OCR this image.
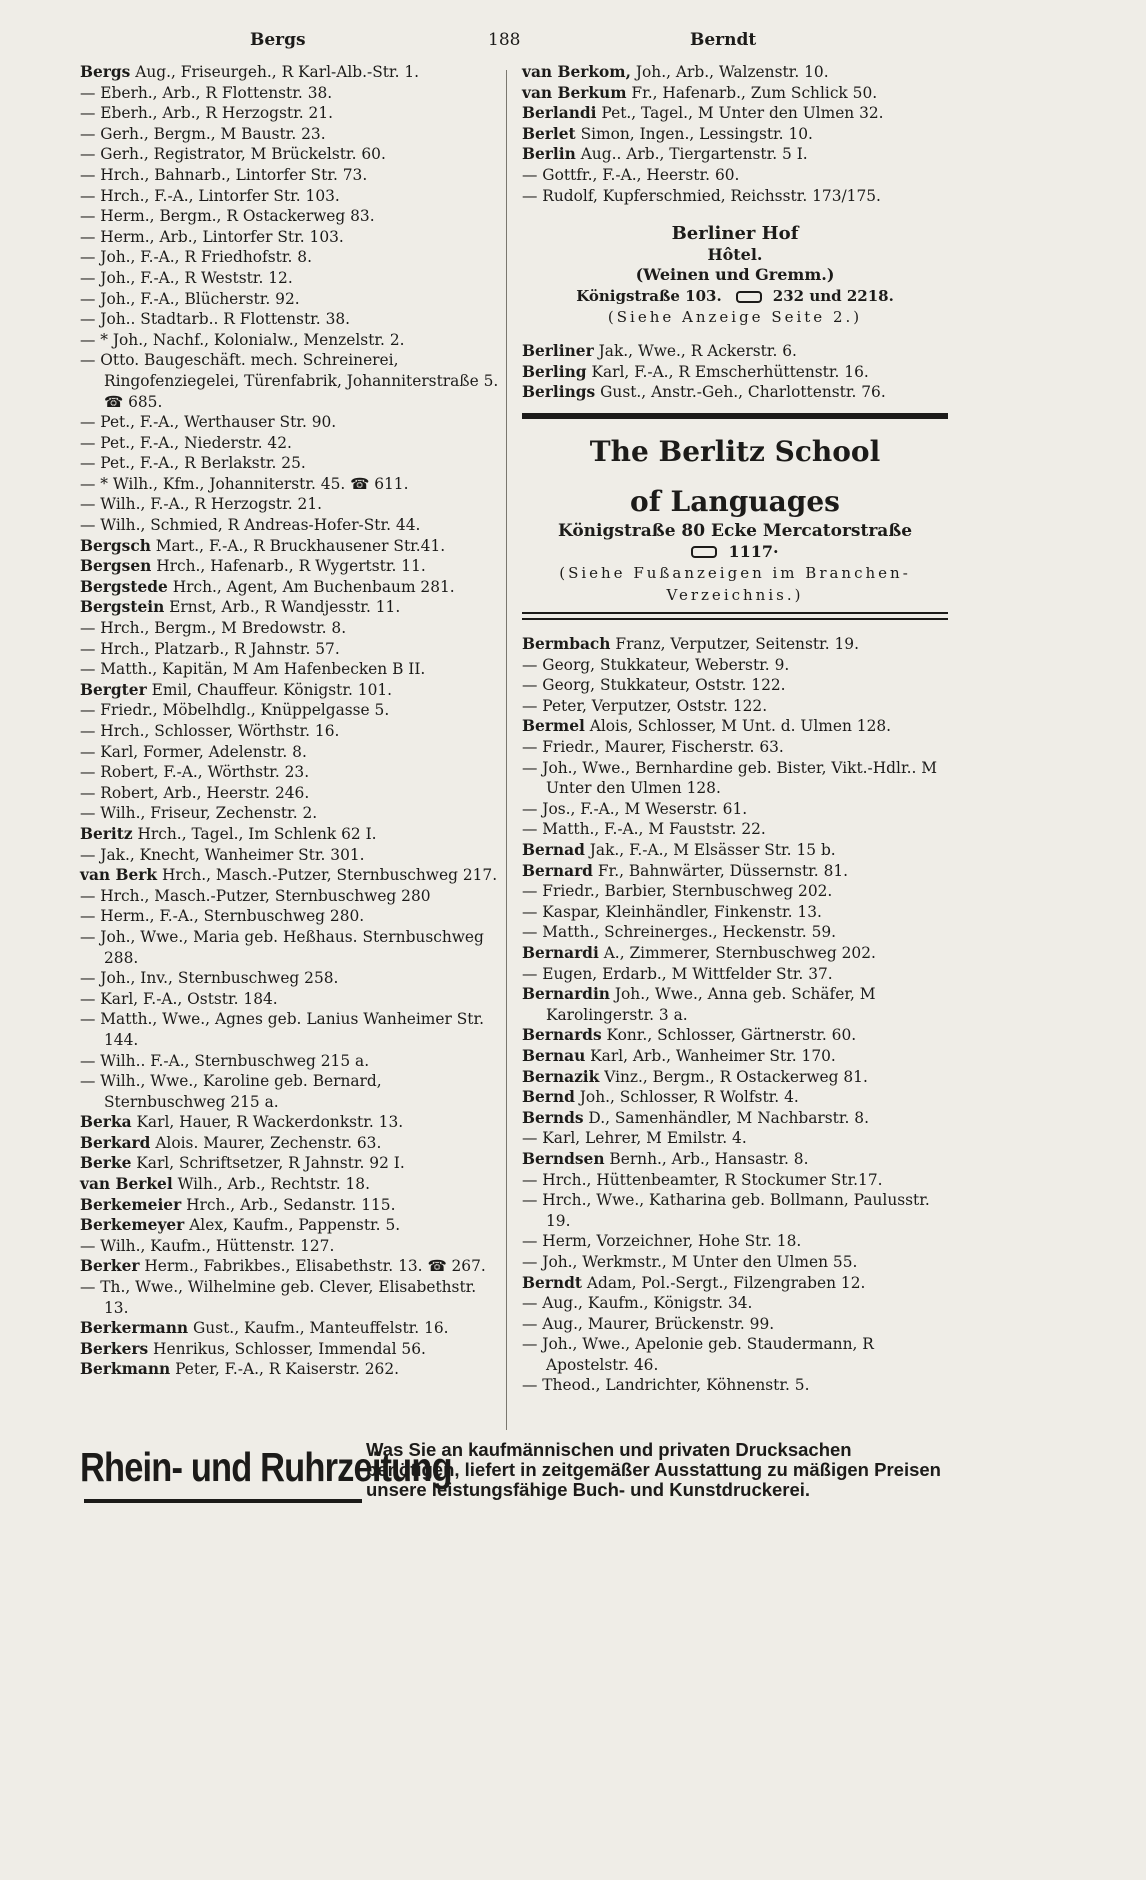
Bergs	188	Berndt
Bergs Aug., Friseurgeh., R Karl-Alb.-Str. 1.
— Eberh., Arb., R Flottenstr. 38.
— Eberh., Arb., R Herzogstr. 21.
— Gerh., Bergm., M Baustr. 23.
— Gerh., Registrator, M Brückelstr. 60.
— Hrch., Bahnarb., Lintorfer Str. 73.
— Hrch., F.-A., Lintorfer Str. 103.
— Herm., Bergm., R Ostackerweg 83.
— Herm., Arb., Lintorfer Str. 103.
— Joh., F.-A., R Friedhofstr. 8.
— Joh., F.-A., R Weststr. 12.
— Joh., F.-A., Blücherstr. 92.
— Joh.. Stadtarb.. R Flottenstr. 38.
— * Joh., Nachf., Kolonialw., Menzelstr. 2.
— Otto. Baugeschäft. mech. Schreinerei, Ringofenziegelei, Türenfabrik, Johanniterstraße 5. ☎ 685.
— Pet., F.-A., Werthauser Str. 90.
— Pet., F.-A., Niederstr. 42.
— Pet., F.-A., R Berlakstr. 25.
— * Wilh., Kfm., Johanniterstr. 45. ☎ 611.
— Wilh., F.-A., R Herzogstr. 21.
— Wilh., Schmied, R Andreas-Hofer-Str. 44.
Bergsch Mart., F.-A., R Bruckhausener Str.41.
Bergsen Hrch., Hafenarb., R Wygertstr. 11.
Bergstede Hrch., Agent, Am Buchenbaum 281.
Bergstein Ernst, Arb., R Wandjesstr. 11.
— Hrch., Bergm., M Bredowstr. 8.
— Hrch., Platzarb., R Jahnstr. 57.
— Matth., Kapitän, M Am Hafenbecken B II.
Bergter Emil, Chauffeur. Königstr. 101.
— Friedr., Möbelhdlg., Knüppelgasse 5.
— Hrch., Schlosser, Wörthstr. 16.
— Karl, Former, Adelenstr. 8.
— Robert, F.-A., Wörthstr. 23.
— Robert, Arb., Heerstr. 246.
— Wilh., Friseur, Zechenstr. 2.
Beritz Hrch., Tagel., Im Schlenk 62 I.
— Jak., Knecht, Wanheimer Str. 301.
van Berk Hrch., Masch.-Putzer, Sternbuschweg 217.
— Hrch., Masch.-Putzer, Sternbuschweg 280
— Herm., F.-A., Sternbuschweg 280.
— Joh., Wwe., Maria geb. Heßhaus. Sternbuschweg 288.
— Joh., Inv., Sternbuschweg 258.
— Karl, F.-A., Oststr. 184.
— Matth., Wwe., Agnes geb. Lanius Wanheimer Str. 144.
— Wilh.. F.-A., Sternbuschweg 215 a.
— Wilh., Wwe., Karoline geb. Bernard, Sternbuschweg 215 a.
Berka Karl, Hauer, R Wackerdonkstr. 13.
Berkard Alois. Maurer, Zechenstr. 63.
Berke Karl, Schriftsetzer, R Jahnstr. 92 I.
van Berkel Wilh., Arb., Rechtstr. 18.
Berkemeier Hrch., Arb., Sedanstr. 115.
Berkemeyer Alex, Kaufm., Pappenstr. 5.
— Wilh., Kaufm., Hüttenstr. 127.
Berker Herm., Fabrikbes., Elisabethstr. 13. ☎ 267.
— Th., Wwe., Wilhelmine geb. Clever, Elisabethstr. 13.
Berkermann Gust., Kaufm., Manteuffelstr. 16.
Berkers Henrikus, Schlosser, Immendal 56.
Berkmann Peter, F.-A., R Kaiserstr. 262.
van Berkom, Joh., Arb., Walzenstr. 10.
van Berkum Fr., Hafenarb., Zum Schlick 50.
Berlandi Pet., Tagel., M Unter den Ulmen 32.
Berlet Simon, Ingen., Lessingstr. 10.
Berlin Aug.. Arb., Tiergartenstr. 5 I.
— Gottfr., F.-A., Heerstr. 60.
— Rudolf, Kupferschmied, Reichsstr. 173/175.
Berliner Hof
Hôtel.
(Weinen und Gremm.)
Königstraße 103.	232 und 2218.
(Siehe Anzeige Seite 2.)
Berliner Jak., Wwe., R Ackerstr. 6.
Berling Karl, F.-A., R Emscherhüttenstr. 16.
Berlings Gust., Anstr.-Geh., Charlottenstr. 76.
The Berlitz School
of Languages
Königstraße 80 Ecke Mercatorstraße
1117·
(Siehe Fußanzeigen im Branchen-Verzeichnis.)
Bermbach Franz, Verputzer, Seitenstr. 19.
— Georg, Stukkateur, Weberstr. 9.
— Georg, Stukkateur, Oststr. 122.
— Peter, Verputzer, Oststr. 122.
Bermel Alois, Schlosser, M Unt. d. Ulmen 128.
— Friedr., Maurer, Fischerstr. 63.
— Joh., Wwe., Bernhardine geb. Bister, Vikt.-Hdlr.. M Unter den Ulmen 128.
— Jos., F.-A., M Weserstr. 61.
— Matth., F.-A., M Fauststr. 22.
Bernad Jak., F.-A., M Elsässer Str. 15 b.
Bernard Fr., Bahnwärter, Düssernstr. 81.
— Friedr., Barbier, Sternbuschweg 202.
— Kaspar, Kleinhändler, Finkenstr. 13.
— Matth., Schreinerges., Heckenstr. 59.
Bernardi A., Zimmerer, Sternbuschweg 202.
— Eugen, Erdarb., M Wittfelder Str. 37.
Bernardin Joh., Wwe., Anna geb. Schäfer, M Karolingerstr. 3 a.
Bernards Konr., Schlosser, Gärtnerstr. 60.
Bernau Karl, Arb., Wanheimer Str. 170.
Bernazik Vinz., Bergm., R Ostackerweg 81.
Bernd Joh., Schlosser, R Wolfstr. 4.
Bernds D., Samenhändler, M Nachbarstr. 8.
— Karl, Lehrer, M Emilstr. 4.
Berndsen Bernh., Arb., Hansastr. 8.
— Hrch., Hüttenbeamter, R Stockumer Str.17.
— Hrch., Wwe., Katharina geb. Bollmann, Paulusstr. 19.
— Herm, Vorzeichner, Hohe Str. 18.
— Joh., Werkmstr., M Unter den Ulmen 55.
Berndt Adam, Pol.-Sergt., Filzengraben 12.
— Aug., Kaufm., Königstr. 34.
— Aug., Maurer, Brückenstr. 99.
— Joh., Wwe., Apelonie geb. Staudermann, R Apostelstr. 46.
— Theod., Landrichter, Köhnenstr. 5.
Rhein- und Ruhrzeitung
Was Sie an kaufmännischen und privaten Drucksachen benötigen, liefert in zeitgemäßer Ausstattung zu mäßigen Preisen unsere leistungsfähige Buch- und Kunstdruckerei.
